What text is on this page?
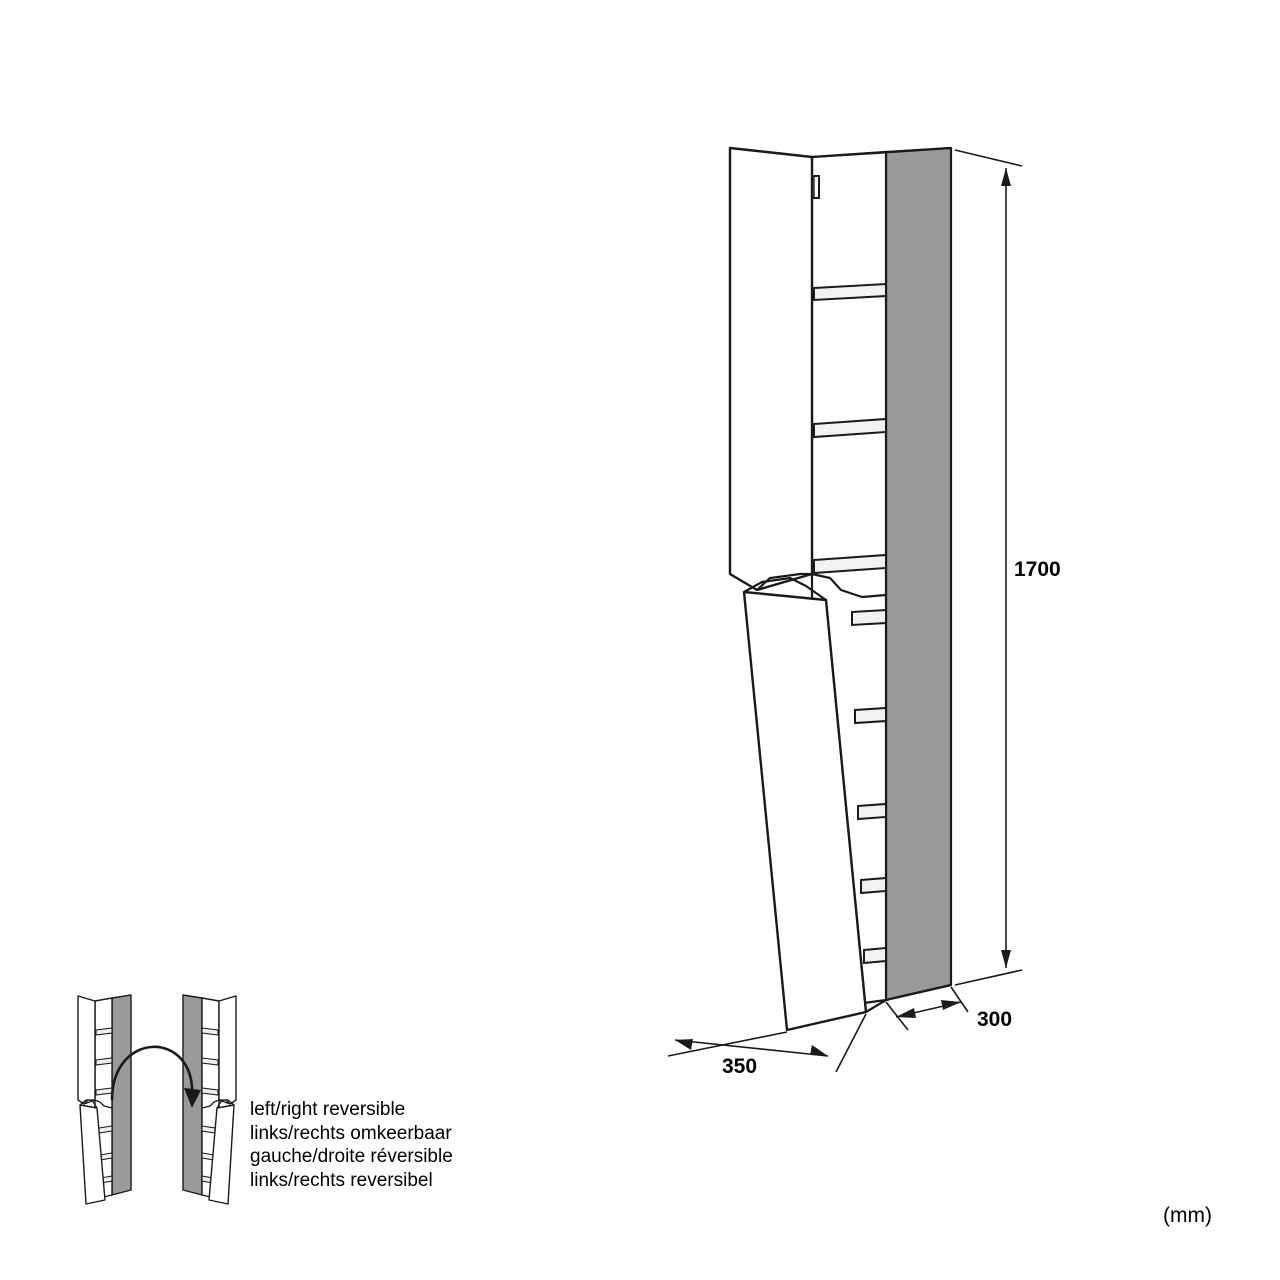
1700
300
350
(mm)
left/right reversible
links/rechts omkeerbaar
gauche/droite réversible
links/rechts reversibel
